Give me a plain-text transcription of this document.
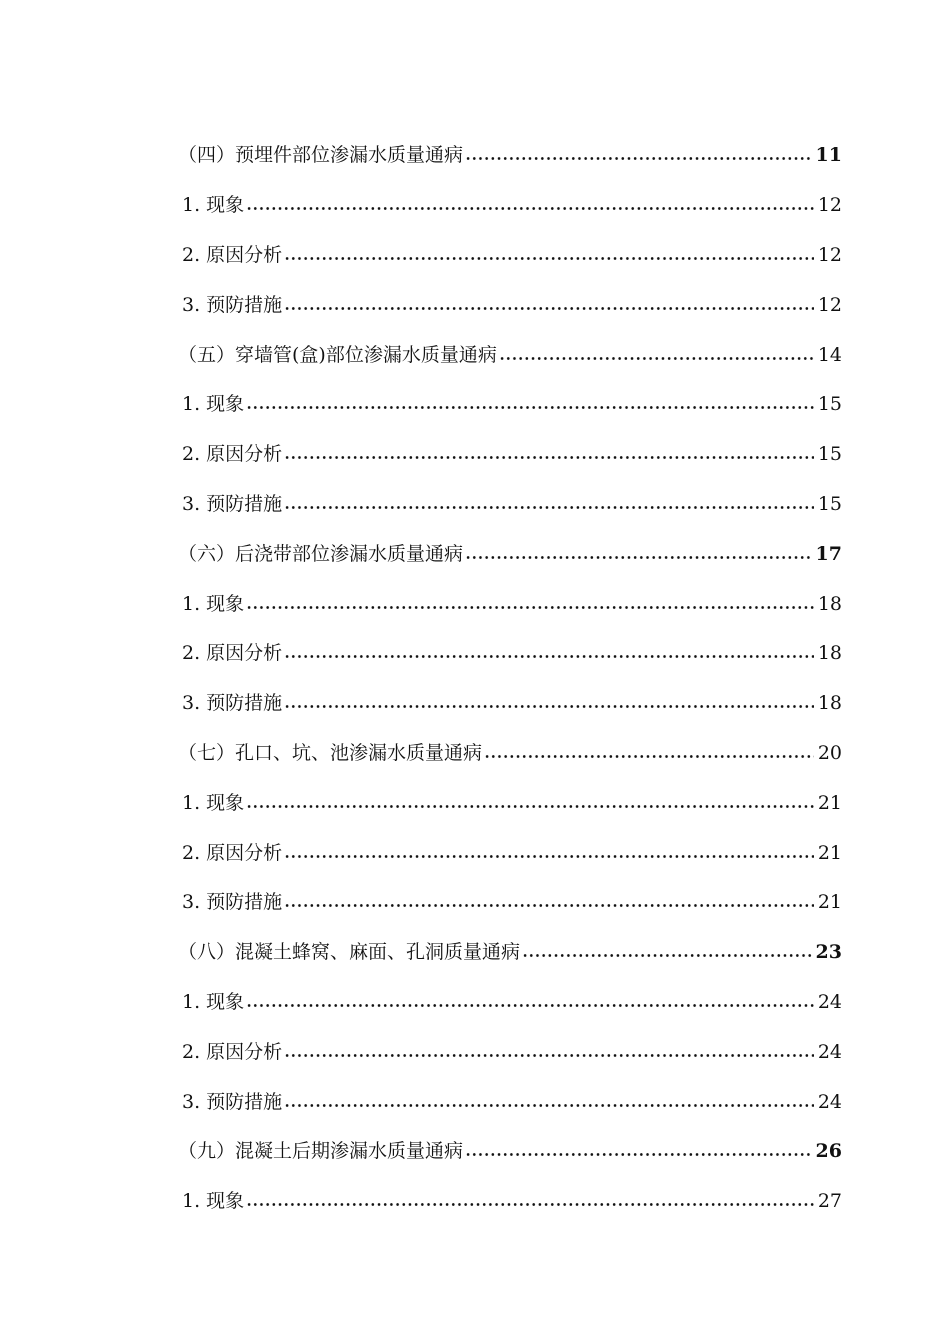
（四）预埋件部位渗漏水质量通病	11
1. 现象	12
2. 原因分析	12
3. 预防措施	12
（五）穿墙管(盒)部位渗漏水质量通病	14
1. 现象	15
2. 原因分析	15
3. 预防措施	15
（六）后浇带部位渗漏水质量通病	17
1. 现象	18
2. 原因分析	18
3. 预防措施	18
（七）孔口、坑、池渗漏水质量通病	20
1. 现象	21
2. 原因分析	21
3. 预防措施	21
（八）混凝土蜂窝、麻面、孔洞质量通病	23
1. 现象	24
2. 原因分析	24
3. 预防措施	24
（九）混凝土后期渗漏水质量通病	26
1. 现象	27
